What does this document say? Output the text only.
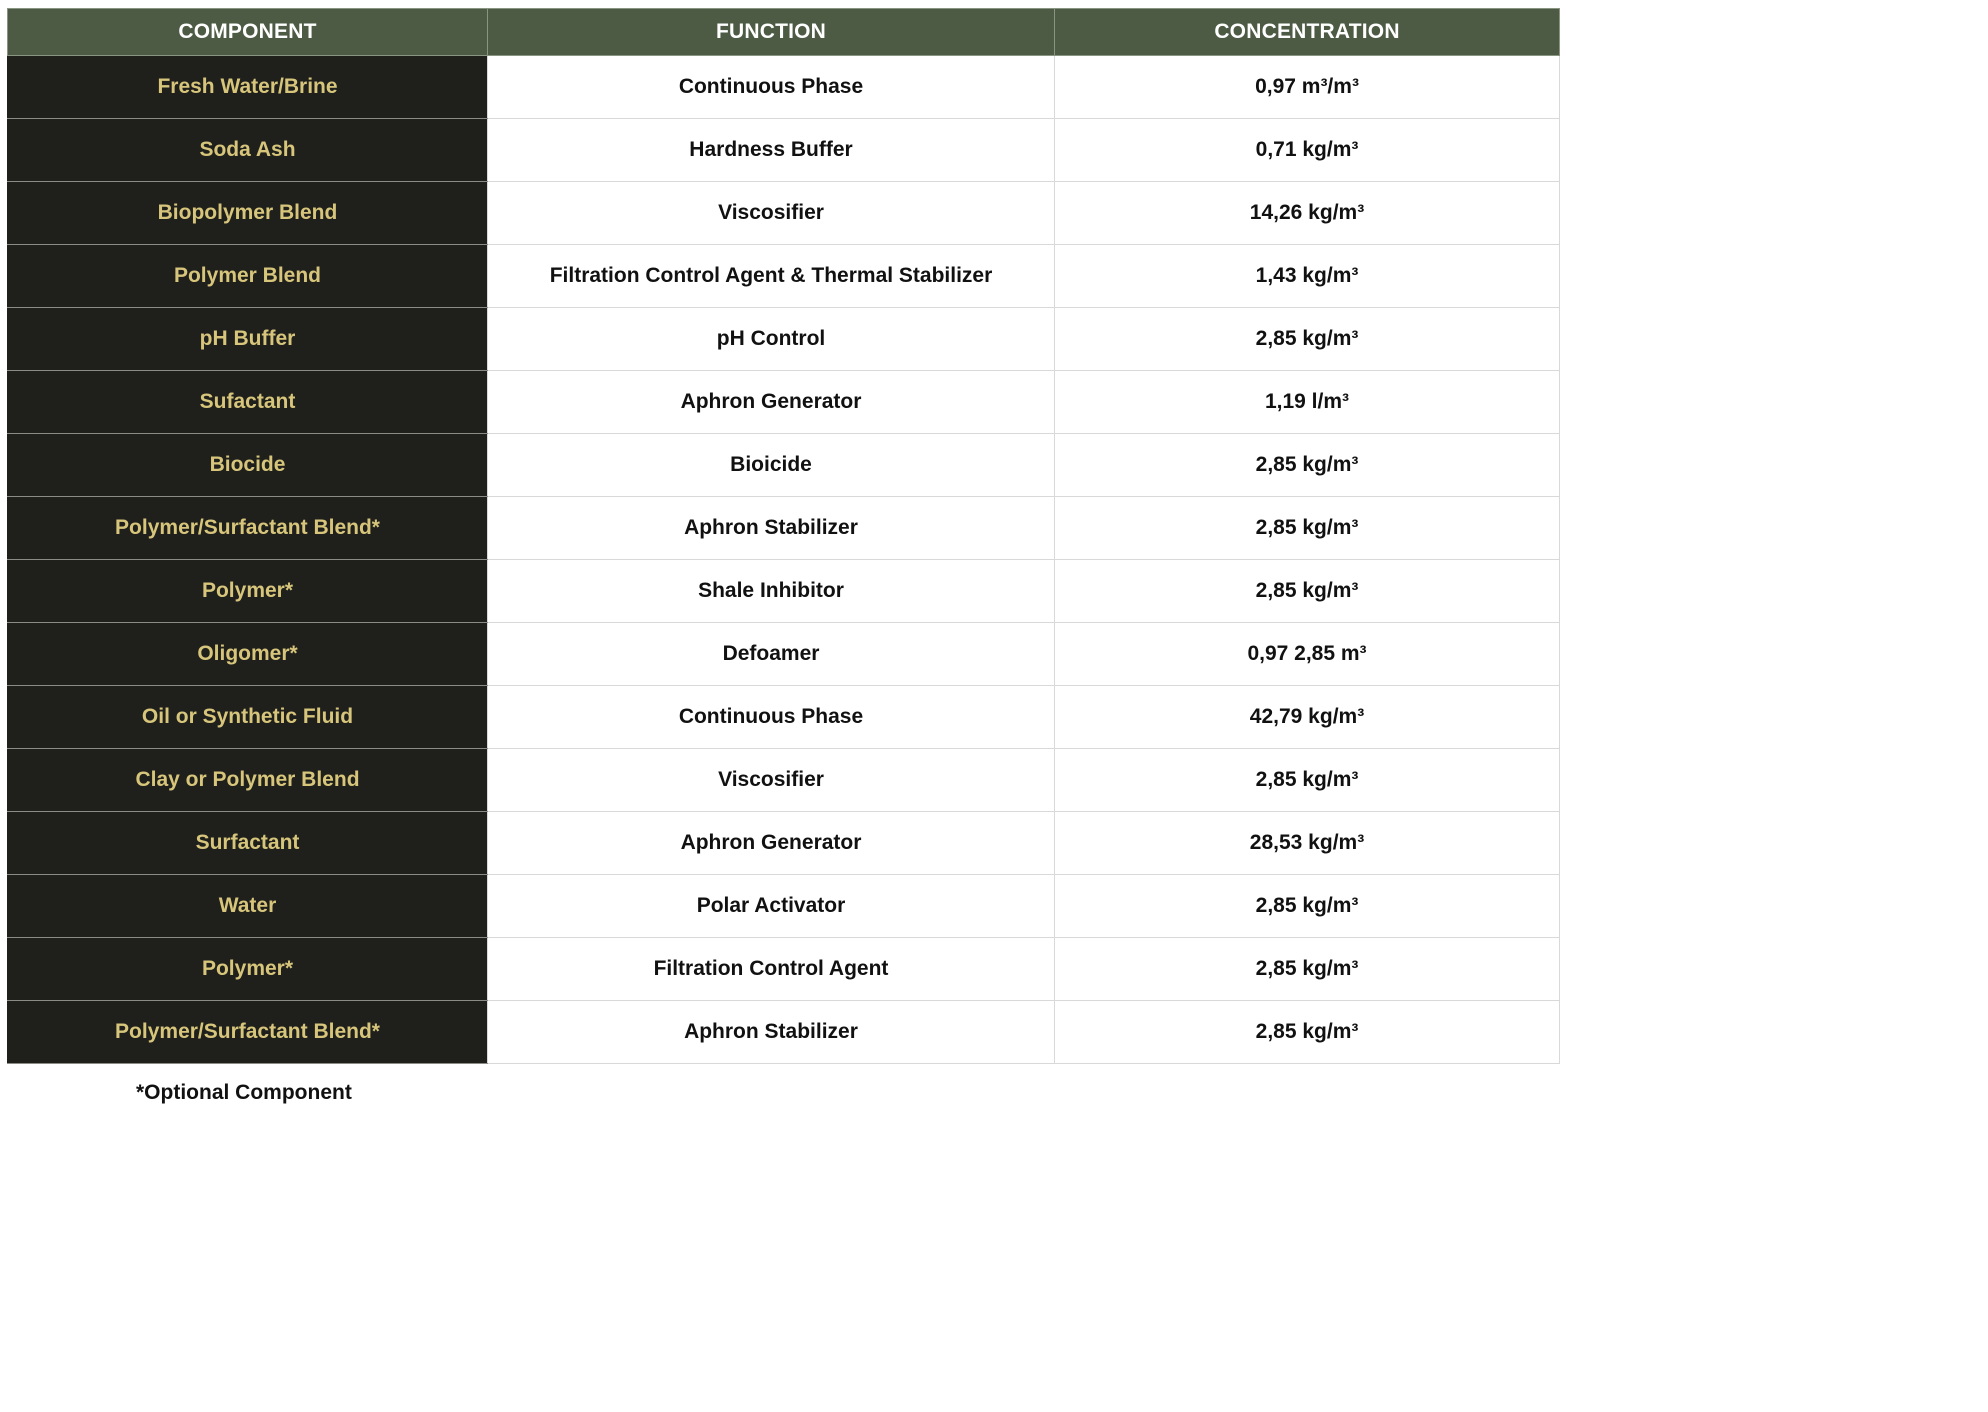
COMPONENT	FUNCTION	CONCENTRATION
Fresh Water/Brine	Continuous Phase	0,97 m³/m³
Soda Ash	Hardness Buffer	0,71 kg/m³
Biopolymer Blend	Viscosifier	14,26 kg/m³
Polymer Blend	Filtration Control Agent & Thermal Stabilizer	1,43 kg/m³
pH Buffer	pH Control	2,85 kg/m³
Sufactant	Aphron Generator	1,19 l/m³
Biocide	Bioicide	2,85 kg/m³
Polymer/Surfactant Blend*	Aphron Stabilizer	2,85 kg/m³
Polymer*	Shale Inhibitor	2,85 kg/m³
Oligomer*	Defoamer	0,97 2,85 m³
Oil or Synthetic Fluid	Continuous Phase	42,79 kg/m³
Clay or Polymer Blend	Viscosifier	2,85 kg/m³
Surfactant	Aphron Generator	28,53 kg/m³
Water	Polar Activator	2,85 kg/m³
Polymer*	Filtration Control Agent	2,85 kg/m³
Polymer/Surfactant Blend*	Aphron Stabilizer	2,85 kg/m³
*Optional Component
